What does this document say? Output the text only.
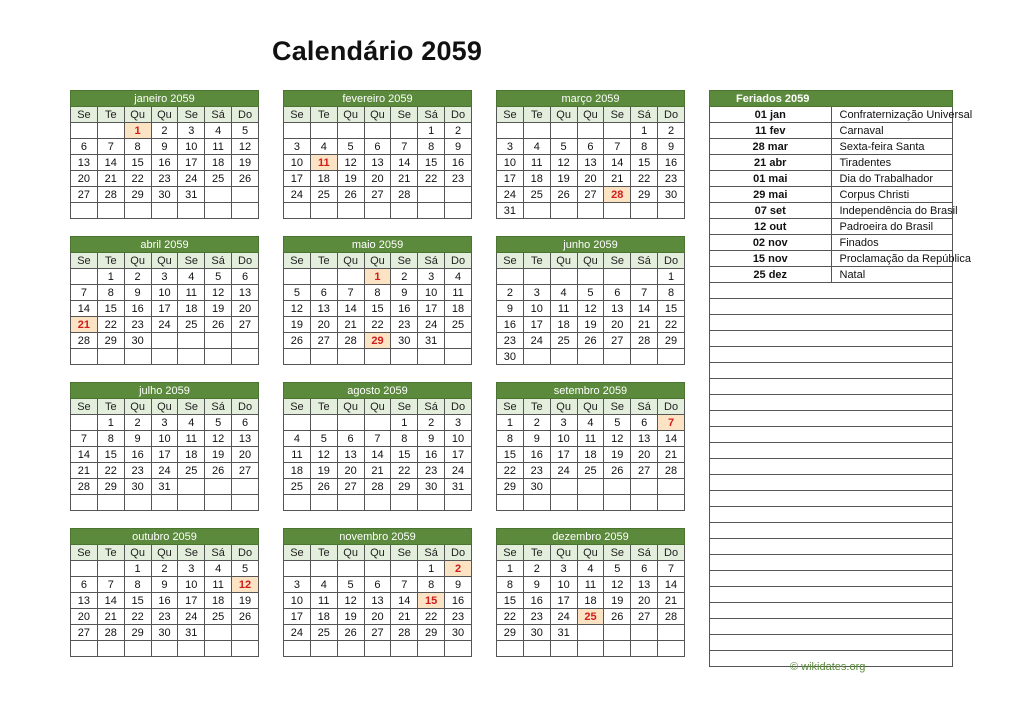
Calendário 2059
janeiro 2059						
Se	Te	Qu	Qu	Se	Sá	Do
		1	2	3	4	5
6	7	8	9	10	11	12
13	14	15	16	17	18	19
20	21	22	23	24	25	26
27	28	29	30	31		

fevereiro 2059						
Se	Te	Qu	Qu	Se	Sá	Do
					1	2
3	4	5	6	7	8	9
10	11	12	13	14	15	16
17	18	19	20	21	22	23
24	25	26	27	28		

março 2059						
Se	Te	Qu	Qu	Se	Sá	Do
					1	2
3	4	5	6	7	8	9
10	11	12	13	14	15	16
17	18	19	20	21	22	23
24	25	26	27	28	29	30
31						
abril 2059						
Se	Te	Qu	Qu	Se	Sá	Do
	1	2	3	4	5	6
7	8	9	10	11	12	13
14	15	16	17	18	19	20
21	22	23	24	25	26	27
28	29	30				

maio 2059						
Se	Te	Qu	Qu	Se	Sá	Do
			1	2	3	4
5	6	7	8	9	10	11
12	13	14	15	16	17	18
19	20	21	22	23	24	25
26	27	28	29	30	31	

junho 2059						
Se	Te	Qu	Qu	Se	Sá	Do
						1
2	3	4	5	6	7	8
9	10	11	12	13	14	15
16	17	18	19	20	21	22
23	24	25	26	27	28	29
30						
julho 2059						
Se	Te	Qu	Qu	Se	Sá	Do
	1	2	3	4	5	6
7	8	9	10	11	12	13
14	15	16	17	18	19	20
21	22	23	24	25	26	27
28	29	30	31			

agosto 2059						
Se	Te	Qu	Qu	Se	Sá	Do
				1	2	3
4	5	6	7	8	9	10
11	12	13	14	15	16	17
18	19	20	21	22	23	24
25	26	27	28	29	30	31

setembro 2059						
Se	Te	Qu	Qu	Se	Sá	Do
1	2	3	4	5	6	7
8	9	10	11	12	13	14
15	16	17	18	19	20	21
22	23	24	25	26	27	28
29	30					

outubro 2059						
Se	Te	Qu	Qu	Se	Sá	Do
		1	2	3	4	5
6	7	8	9	10	11	12
13	14	15	16	17	18	19
20	21	22	23	24	25	26
27	28	29	30	31		

novembro 2059						
Se	Te	Qu	Qu	Se	Sá	Do
					1	2
3	4	5	6	7	8	9
10	11	12	13	14	15	16
17	18	19	20	21	22	23
24	25	26	27	28	29	30

dezembro 2059						
Se	Te	Qu	Qu	Se	Sá	Do
1	2	3	4	5	6	7
8	9	10	11	12	13	14
15	16	17	18	19	20	21
22	23	24	25	26	27	28
29	30	31				

Feriados 2059	
01 jan	Confraternização Universal
11 fev	Carnaval
28 mar	Sexta-feira Santa
21 abr	Tiradentes
01 mai	Dia do Trabalhador
29 mai	Corpus Christi
07 set	Independência do Brasil
12 out	Padroeira do Brasil
02 nov	Finados
15 nov	Proclamação da República
25 dez	Natal

© wikidates.org
